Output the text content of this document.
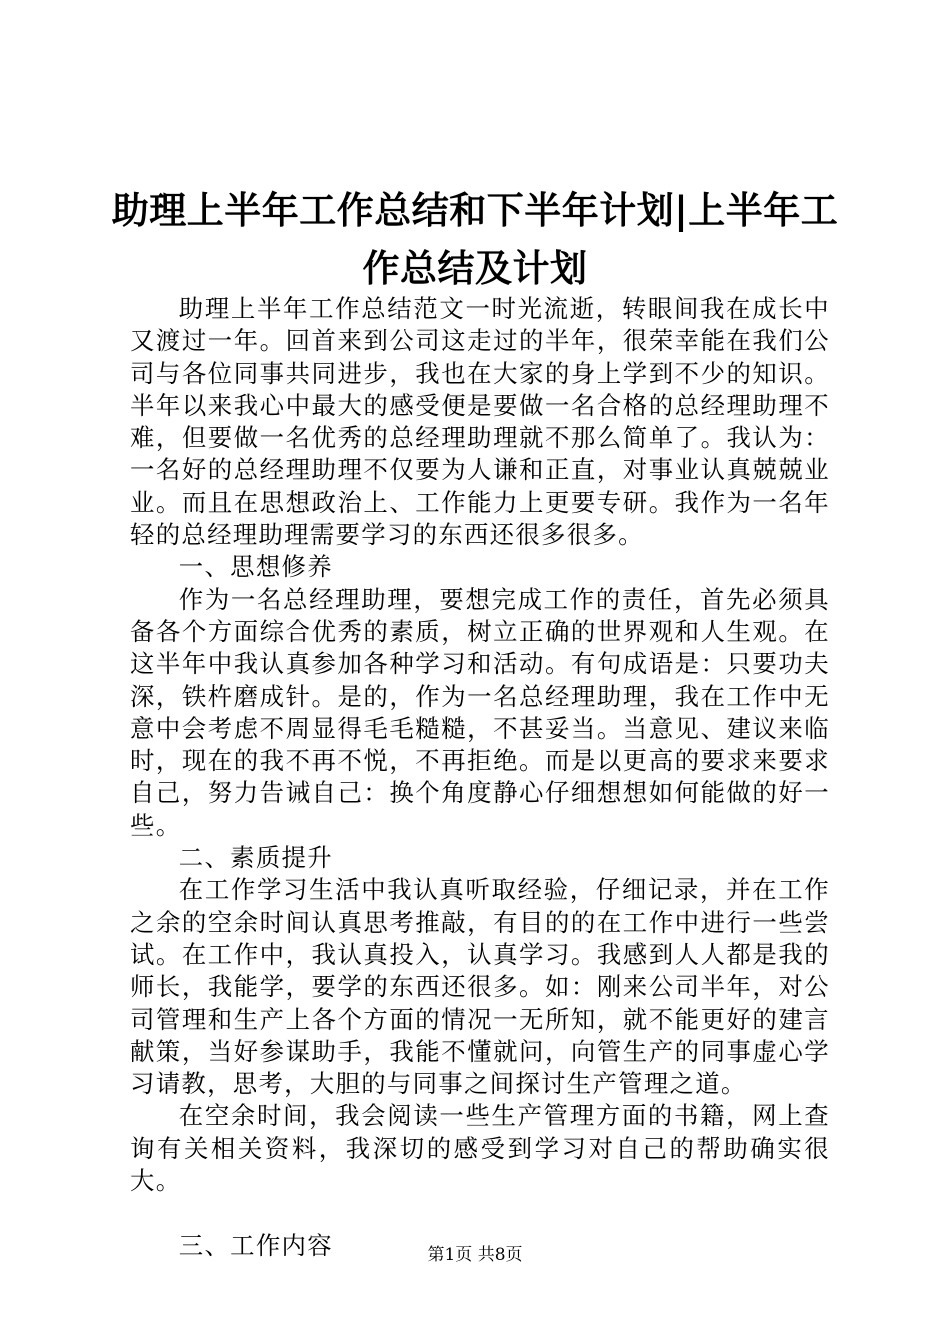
助理上半年工作总结和下半年计划|上半年工
作总结及计划

助理上半年工作总结范文一时光流逝，转眼间我在成长中又渡过一年。回首来到公司这走过的半年，很荣幸能在我们公司与各位同事共同进步，我也在大家的身上学到不少的知识。半年以来我心中最大的感受便是要做一名合格的总经理助理不难，但要做一名优秀的总经理助理就不那么简单了。我认为：一名好的总经理助理不仅要为人谦和正直，对事业认真兢兢业业。而且在思想政治上、工作能力上更要专研。我作为一名年轻的总经理助理需要学习的东西还很多很多。

一、思想修养

作为一名总经理助理，要想完成工作的责任，首先必须具备各个方面综合优秀的素质，树立正确的世界观和人生观。在这半年中我认真参加各种学习和活动。有句成语是：只要功夫深，铁杵磨成针。是的，作为一名总经理助理，我在工作中无意中会考虑不周显得毛毛糙糙，不甚妥当。当意见、建议来临时，现在的我不再不悦，不再拒绝。而是以更高的要求来要求自己，努力告诫自己：换个角度静心仔细想想如何能做的好一些。

二、素质提升

在工作学习生活中我认真听取经验，仔细记录，并在工作之余的空余时间认真思考推敲，有目的的在工作中进行一些尝试。在工作中，我认真投入，认真学习。我感到人人都是我的师长，我能学，要学的东西还很多。如：刚来公司半年，对公司管理和生产上各个方面的情况一无所知，就不能更好的建言献策，当好参谋助手，我能不懂就问，向管生产的同事虚心学习请教，思考，大胆的与同事之间探讨生产管理之道。

在空余时间，我会阅读一些生产管理方面的书籍，网上查询有关相关资料，我深切的感受到学习对自己的帮助确实很大。

三、工作内容	第1页 共8页
